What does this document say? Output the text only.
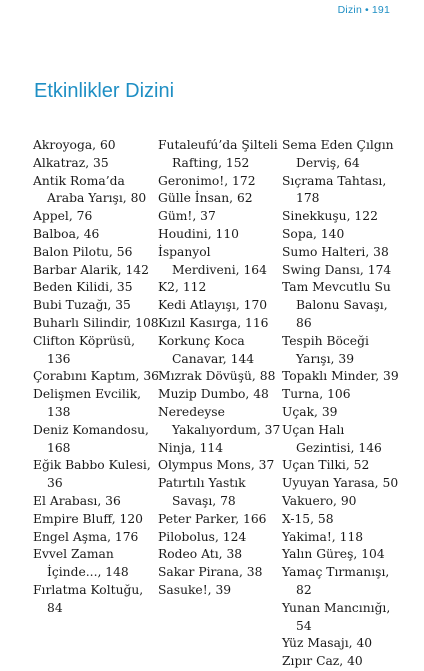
Dizin • 191
Etkinlikler Dizini
Akroyoga, 60
Alkatraz, 35
Antik Roma’da Araba Yarışı, 80
Appel, 76
Balboa, 46
Balon Pilotu, 56
Barbar Alarik, 142
Beden Kilidi, 35
Bubi Tuzağı, 35
Buharlı Silindir, 108
Clifton Köprüsü, 136
Çorabını Kaptım, 36
Delişmen Evcilik, 138
Deniz Komandosu, 168
Eğik Babbo Kulesi, 36
El Arabası, 36
Empire Bluff, 120
Engel Aşma, 176
Evvel Zaman İçinde..., 148
Fırlatma Koltuğu, 84
Futaleufú’da Şilteli Rafting, 152
Geronimo!, 172
Gülle İnsan, 62
Güm!, 37
Houdini, 110
İspanyol Merdiveni, 164
K2, 112
Kedi Atlayışı, 170
Kızıl Kasırga, 116
Korkunç Koca Canavar, 144
Mızrak Dövüşü, 88
Muzip Dumbo, 48
Neredeyse Yakalıyordum, 37
Ninja, 114
Olympus Mons, 37
Patırtılı Yastık Savaşı, 78
Peter Parker, 166
Pilobolus, 124
Rodeo Atı, 38
Sakar Pirana, 38
Sasuke!, 39
Sema Eden Çılgın Derviş, 64
Sıçrama Tahtası, 178
Sinekkuşu, 122
Sopa, 140
Sumo Halteri, 38
Swing Dansı, 174
Tam Mevcutlu Su Balonu Savaşı, 86
Tespih Böceği Yarışı, 39
Topaklı Minder, 39
Turna, 106
Uçak, 39
Uçan Halı Gezintisi, 146
Uçan Tilki, 52
Uyuyan Yarasa, 50
Vakuero, 90
X-15, 58
Yakima!, 118
Yalın Güreş, 104
Yamaç Tırmanışı, 82
Yunan Mancınığı, 54
Yüz Masajı, 40
Zıpır Caz, 40
